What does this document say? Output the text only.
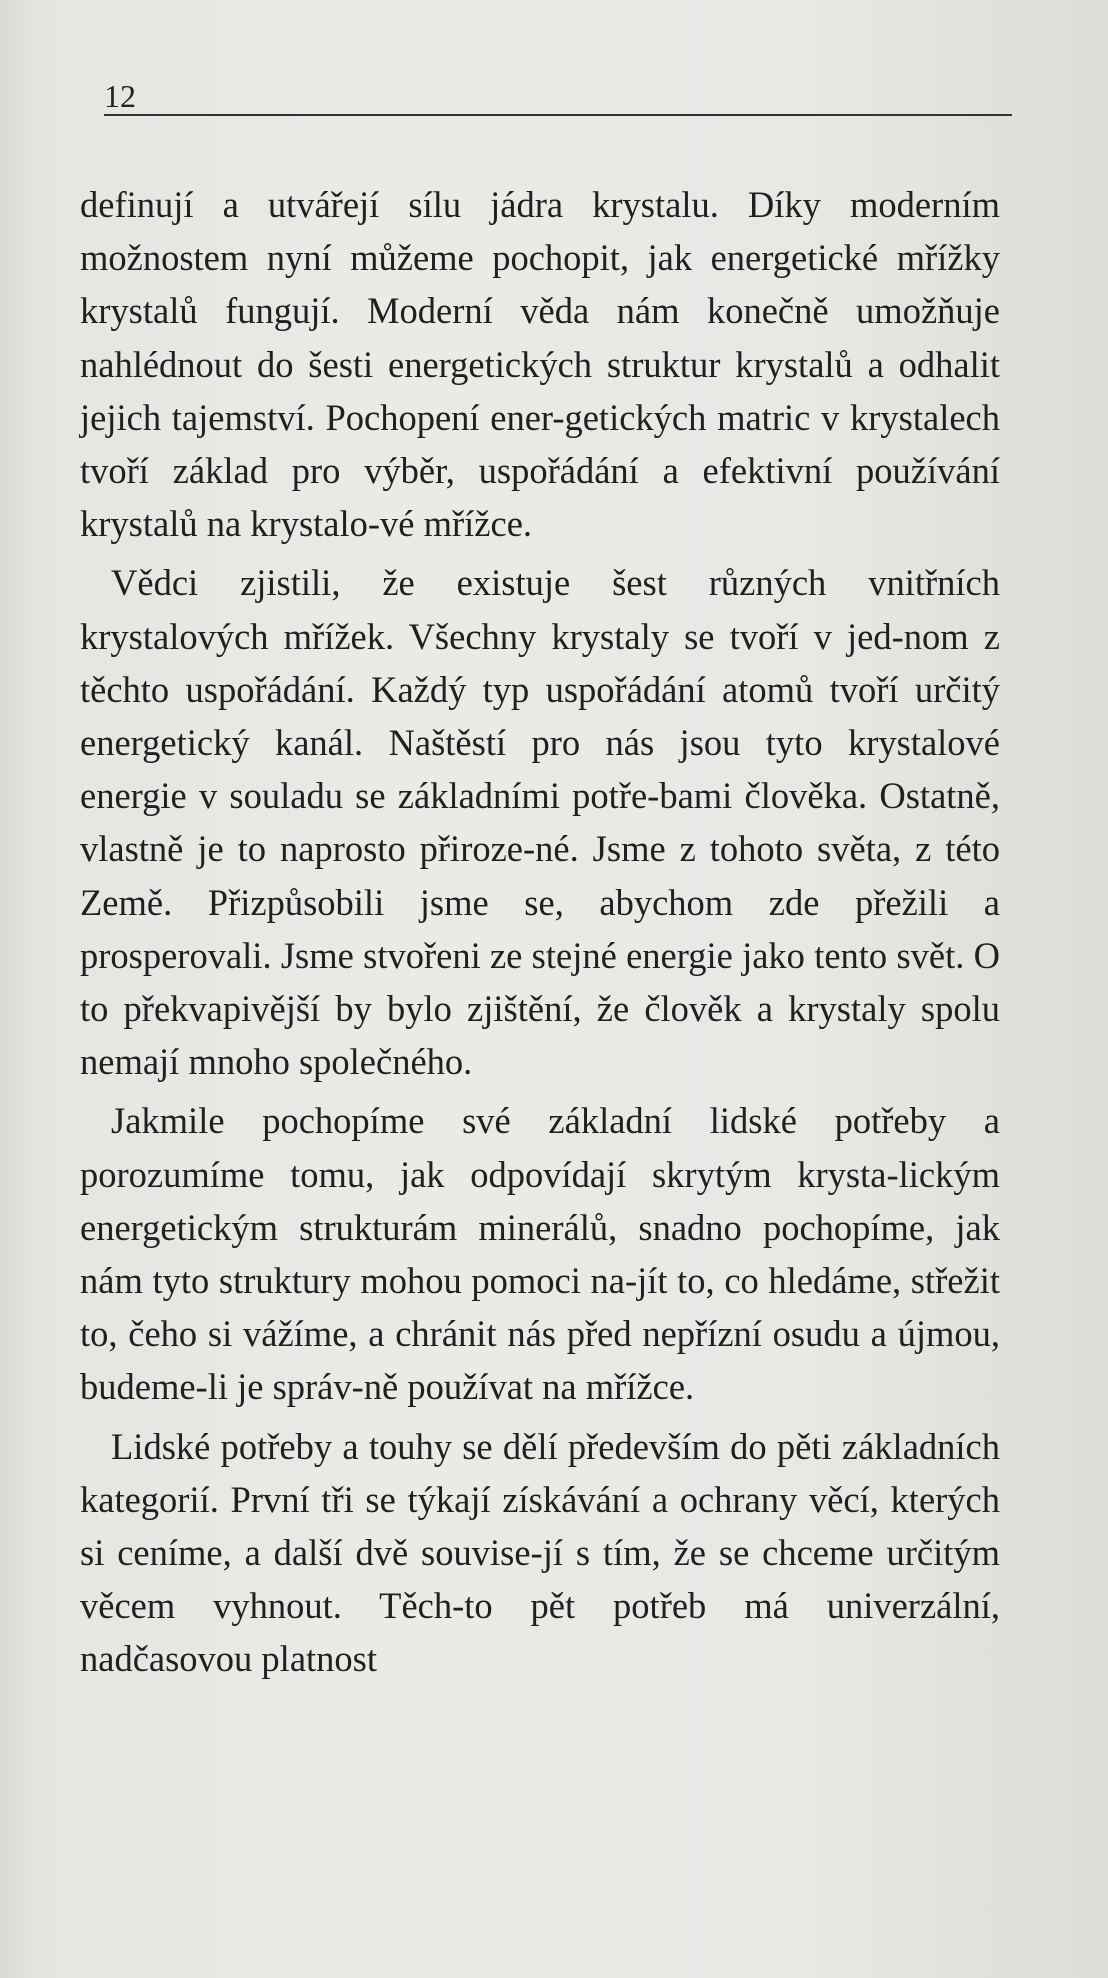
12

definují a utvářejí sílu jádra krystalu. Díky moderním možnostem nyní můžeme pochopit, jak energetické mřížky krystalů fungují. Moderní věda nám konečně umožňuje nahlédnout do šesti energetických struktur krystalů a odhalit jejich tajemství. Pochopení ener-getických matric v krystalech tvoří základ pro výběr, uspořádání a efektivní používání krystalů na krystalo-vé mřížce.

Vědci zjistili, že existuje šest různých vnitřních krystalových mřížek. Všechny krystaly se tvoří v jed-nom z těchto uspořádání. Každý typ uspořádání atomů tvoří určitý energetický kanál. Naštěstí pro nás jsou tyto krystalové energie v souladu se základními potře-bami člověka. Ostatně, vlastně je to naprosto přiroze-né. Jsme z tohoto světa, z této Země. Přizpůsobili jsme se, abychom zde přežili a prosperovali. Jsme stvořeni ze stejné energie jako tento svět. O to překvapivější by bylo zjištění, že člověk a krystaly spolu nemají mnoho společného.

Jakmile pochopíme své základní lidské potřeby a porozumíme tomu, jak odpovídají skrytým krysta-lickým energetickým strukturám minerálů, snadno pochopíme, jak nám tyto struktury mohou pomoci na-jít to, co hledáme, střežit to, čeho si vážíme, a chránit nás před nepřízní osudu a újmou, budeme-li je správ-ně používat na mřížce.

Lidské potřeby a touhy se dělí především do pěti základních kategorií. První tři se týkají získávání a ochrany věcí, kterých si ceníme, a další dvě souvise-jí s tím, že se chceme určitým věcem vyhnout. Těch-to pět potřeb má univerzální, nadčasovou platnost
